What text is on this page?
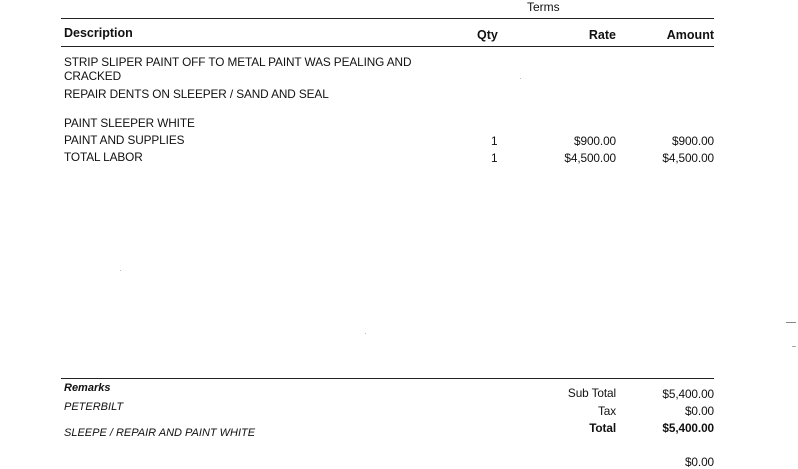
Terms
Description	Qty	Rate	Amount
STRIP SLIPER PAINT OFF TO METAL PAINT WAS PEALING AND
CRACKED
REPAIR DENTS ON SLEEPER / SAND AND SEAL
PAINT SLEEPER WHITE
PAINT AND SUPPLIES	1	$900.00	$900.00
TOTAL LABOR	1	$4,500.00	$4,500.00
Remarks
PETERBILT
SLEEPE / REPAIR AND PAINT WHITE
Sub Total	$5,400.00
Tax	$0.00
Total	$5,400.00
$0.00
